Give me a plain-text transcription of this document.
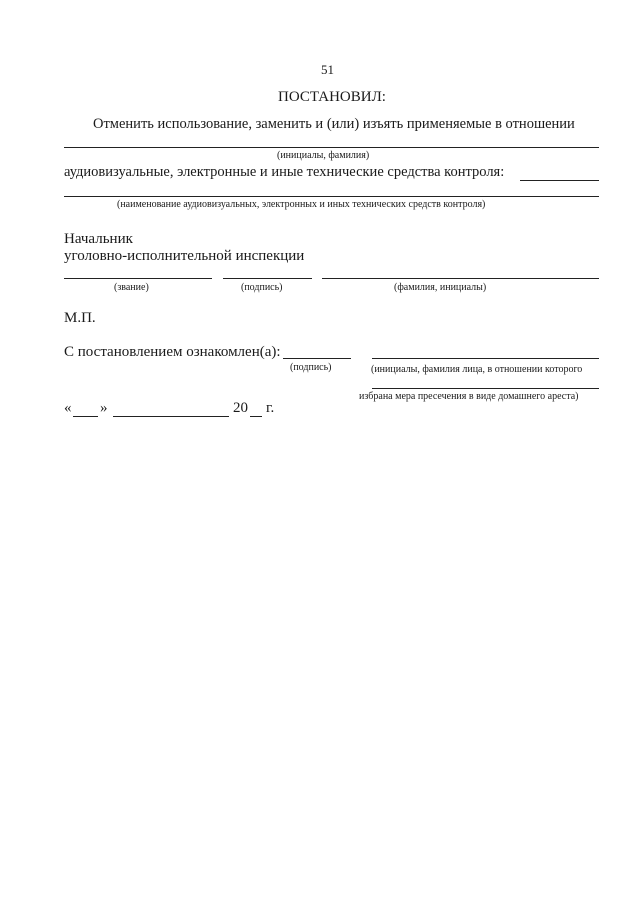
51
ПОСТАНОВИЛ:
Отменить использование, заменить и (или) изъять применяемые в отношении
(инициалы, фамилия)
аудиовизуальные, электронные и иные технические средства контроля:
(наименование аудиовизуальных, электронных и иных технических средств контроля)
Начальник
уголовно-исполнительной инспекции
(звание)	(подпись)	(фамилия, инициалы)
М.П.
С постановлением ознакомлен(а):
(подпись)	(инициалы, фамилия лица, в отношении которого
избрана мера пресечения в виде домашнего ареста)
« »	20 г.
